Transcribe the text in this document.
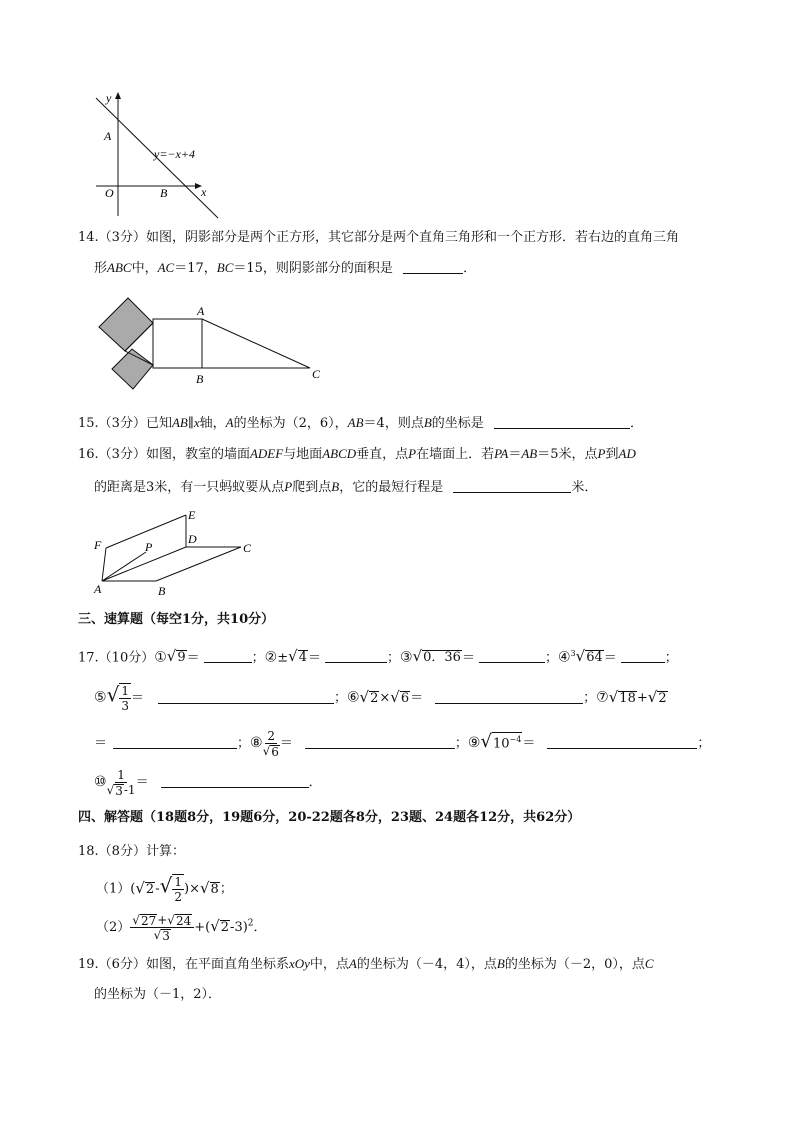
y
A
y=−x+4
O	B	x
14.（3分）如图，阴影部分是两个正方形，其它部分是两个直角三角形和一个正方形．若右边的直角三角
形ABC中，AC＝17，BC＝15，则阴影部分的面积是	．
A
B	C
15.（3分）已知AB∥x轴，A的坐标为（2，6），AB＝4，则点B的坐标是	．
16.（3分）如图，教室的墙面ADEF与地面ABCD垂直，点P在墙面上．若PA＝AB＝5米，点P到AD
的距离是3米，有一只蚂蚁要从点P爬到点B，它的最短行程是	米．
E
F	P
D
C
A	B
三、速算题（每空1分，共10分）
17.（10分）① √ 9 ＝	；②± √ 4 ＝	；③ √ 0．36 ＝	；④$^3$ √ 64 ＝	；
⑤√ $\frac{1}{3}$ ＝	；⑥ √ 2 × √ 6 ＝	；⑦ √ 18 + √ 2
＝	；⑧ $\frac{2}{√ 6}$ ＝	；⑨ √ $10^{-4}$ ＝	；
⑩ $\frac{1}{√ 3 -1}$ ＝	．
四、解答题（18题8分，19题6分，20-22题各8分，23题、24题各12分，共62分）
18.（8分）计算：
（1）( √ 2 -√ $\frac{1}{2}$ )× √ 8 ；
$(2) \frac{√ 27 + √ 24}{√ 3}$ +( √ 2 -3)$^2$．
19.（6分）如图，在平面直角坐标系xOy中，点A的坐标为（－4，4），点B的坐标为（－2，0），点C
的坐标为（－1，2）．
